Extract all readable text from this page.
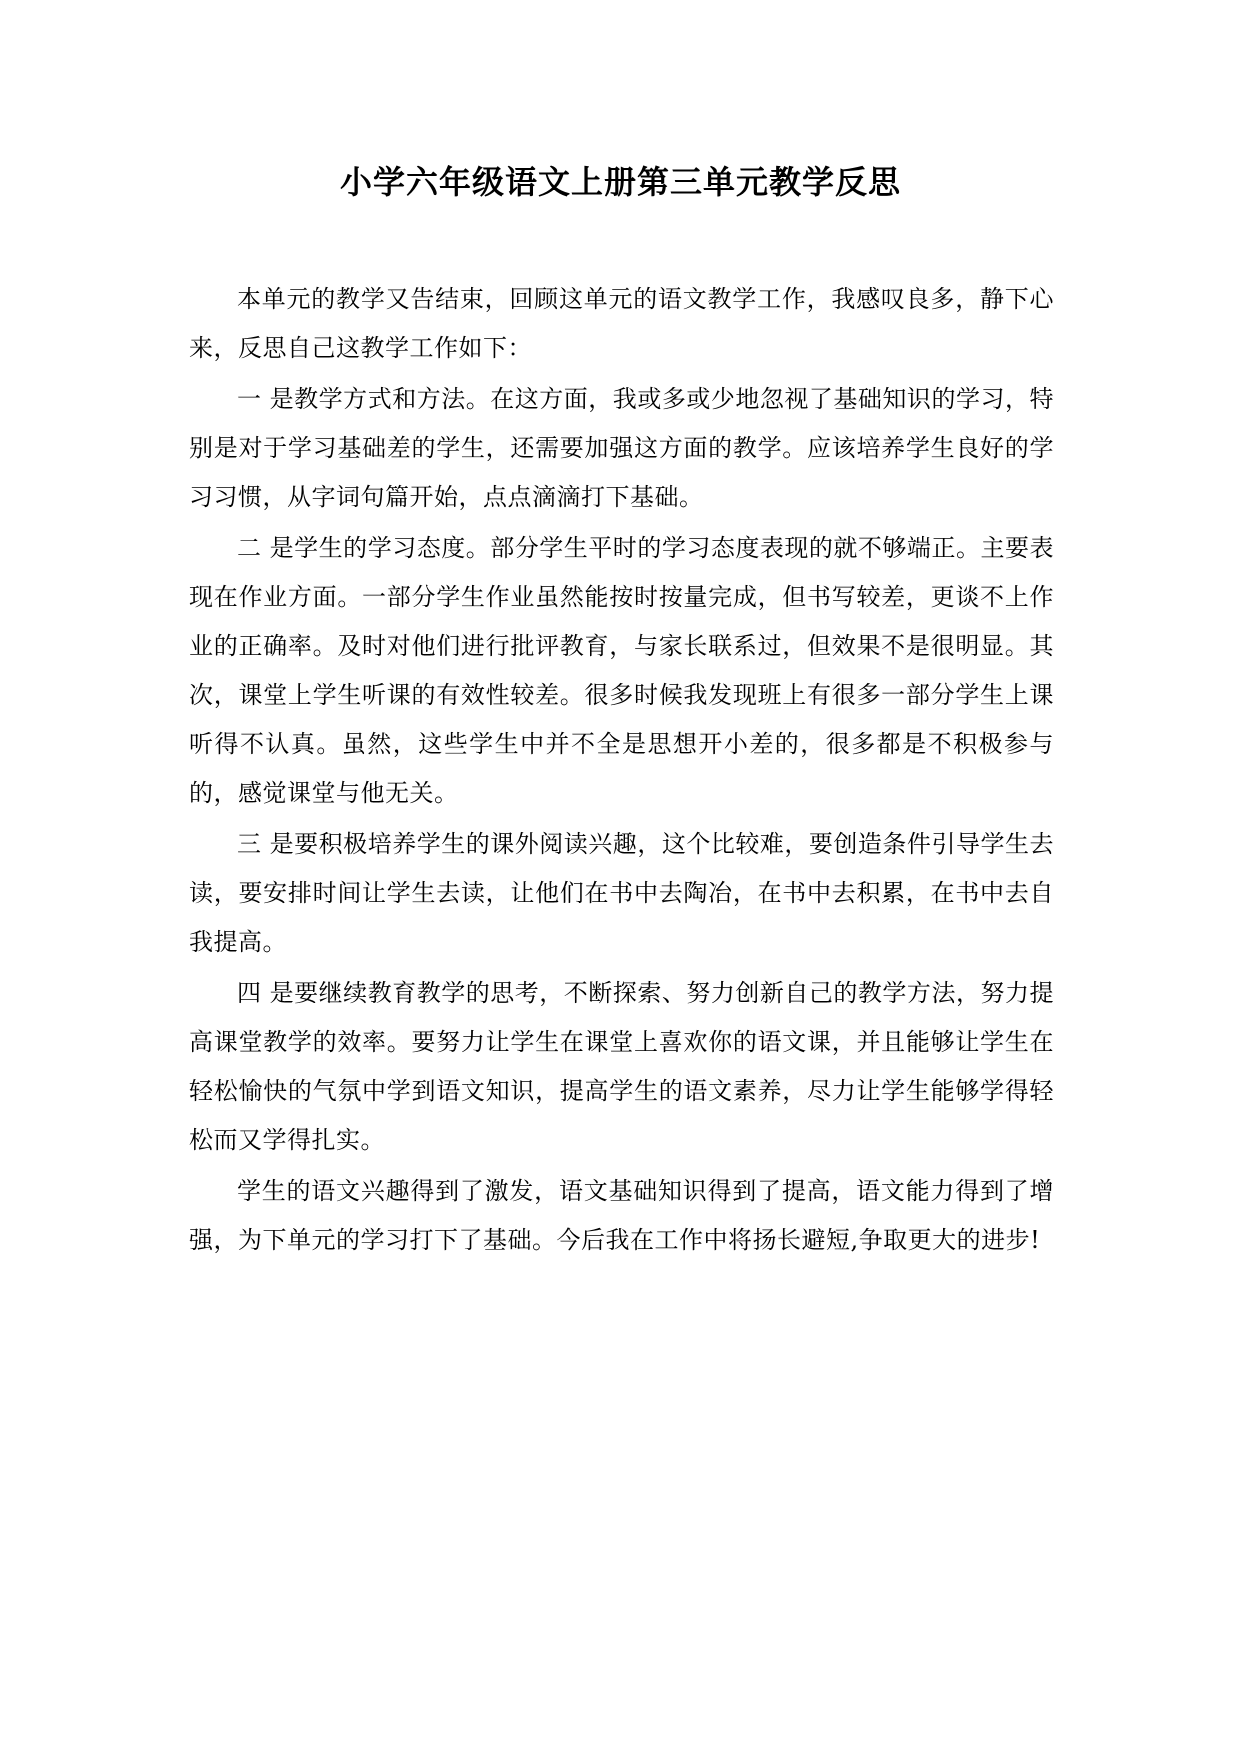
小学六年级语文上册第三单元教学反思

本单元的教学又告结束，回顾这单元的语文教学工作，我感叹良多，静下心来，反思自己这教学工作如下：

一 是教学方式和方法。在这方面，我或多或少地忽视了基础知识的学习，特别是对于学习基础差的学生，还需要加强这方面的教学。应该培养学生良好的学习习惯，从字词句篇开始，点点滴滴打下基础。

二 是学生的学习态度。部分学生平时的学习态度表现的就不够端正。主要表现在作业方面。一部分学生作业虽然能按时按量完成，但书写较差，更谈不上作业的正确率。及时对他们进行批评教育，与家长联系过，但效果不是很明显。其次，课堂上学生听课的有效性较差。很多时候我发现班上有很多一部分学生上课听得不认真。虽然，这些学生中并不全是思想开小差的，很多都是不积极参与的，感觉课堂与他无关。

三 是要积极培养学生的课外阅读兴趣，这个比较难，要创造条件引导学生去读，要安排时间让学生去读，让他们在书中去陶冶，在书中去积累，在书中去自我提高。

四 是要继续教育教学的思考，不断探索、努力创新自己的教学方法，努力提高课堂教学的效率。要努力让学生在课堂上喜欢你的语文课，并且能够让学生在轻松愉快的气氛中学到语文知识，提高学生的语文素养，尽力让学生能够学得轻松而又学得扎实。

学生的语文兴趣得到了激发，语文基础知识得到了提高，语文能力得到了增强，为下单元的学习打下了基础。今后我在工作中将扬长避短,争取更大的进步!
